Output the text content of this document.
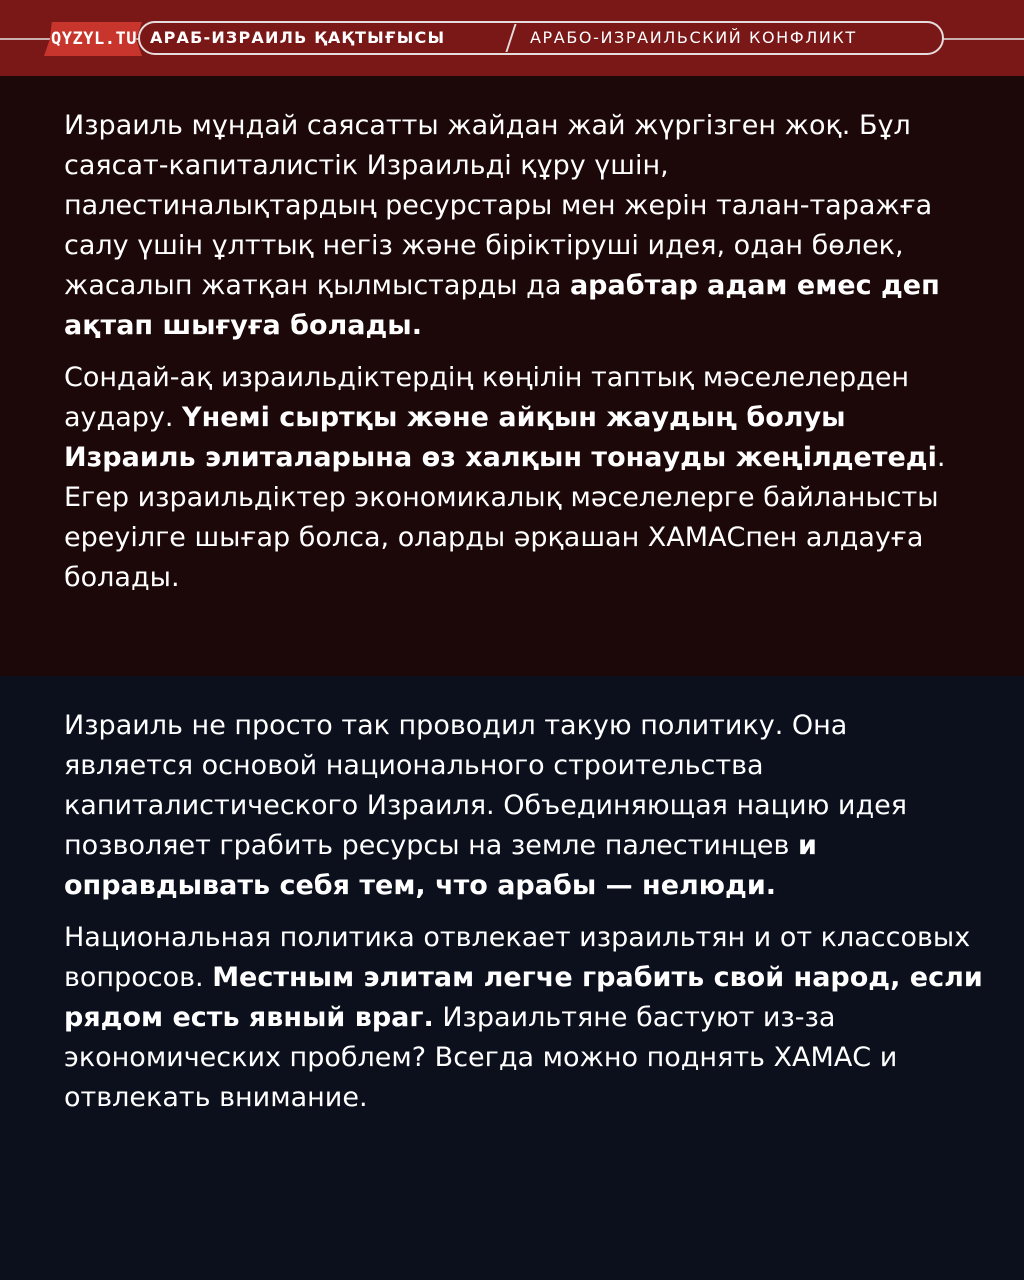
QYZYL.TU АРАБ-ИЗРАИЛЬ ҚАҚТЫҒЫСЫ	АРАБО-ИЗРАИЛЬСКИЙ КОНФЛИКТ

Израиль мұндай саясатты жайдан жай жүргізген жоқ. Бұл саясат-капиталистік Израильді құру үшін, палестиналықтардың ресурстары мен жерін талан-таражға салу үшін ұлттық негіз және біріктіруші идея, одан бөлек, жасалып жатқан қылмыстарды да арабтар адам емес деп ақтап шығуға болады.

Сондай-ақ израильдіктердің көңілін таптық мәселелерден аудару. Үнемі сыртқы және айқын жаудың болуы Израиль элиталарына өз халқын тонауды жеңілдетеді. Егер израильдіктер экономикалық мәселелерге байланысты ереуілге шығар болса, оларды әрқашан ХАМАСпен алдауға болады.

Израиль не просто так проводил такую политику. Она является основой национального строительства капиталистического Израиля. Объединяющая нацию идея позволяет грабить ресурсы на земле палестинцев и оправдывать себя тем, что арабы — нелюди.

Национальная политика отвлекает израильтян и от классовых вопросов. Местным элитам легче грабить свой народ, если рядом есть явный враг. Израильтяне бастуют из-за экономических проблем? Всегда можно поднять ХАМАС и отвлекать внимание.
